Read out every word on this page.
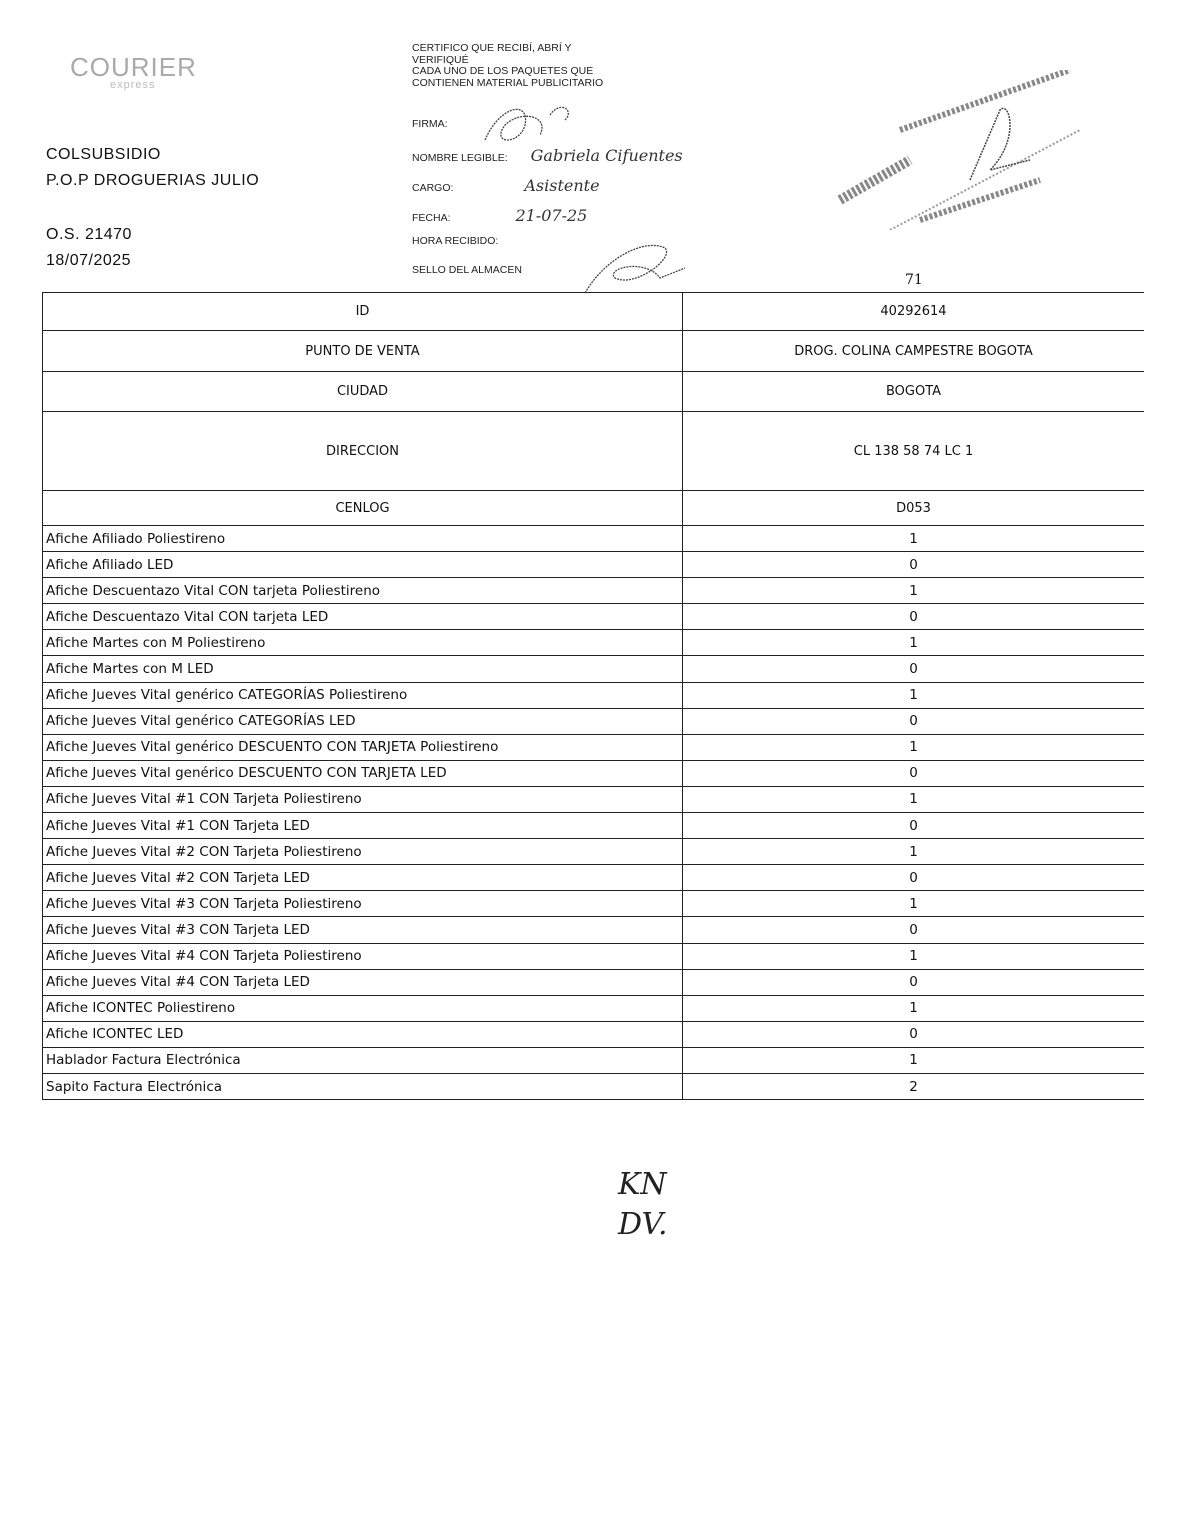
COURIER
express
COLSUBSIDIO
P.O.P DROGUERIAS JULIO
O.S. 21470
18/07/2025
CERTIFICO QUE RECIBÍ, ABRÍ Y
VERIFIQUÉ
CADA UNO DE LOS PAQUETES QUE
CONTIENEN MATERIAL PUBLICITARIO
FIRMA:
NOMBRE LEGIBLE: Gabriela Cifuentes
CARGO:	Asistente
FECHA:	21-07-25
HORA RECIBIDO:
SELLO DEL ALMACEN
71
ID	40292614
PUNTO DE VENTA	DROG. COLINA CAMPESTRE BOGOTA
CIUDAD	BOGOTA
DIRECCION	CL 138 58 74 LC 1
CENLOG	D053
Afiche Afiliado Poliestireno	1
Afiche Afiliado LED	0
Afiche Descuentazo Vital CON tarjeta Poliestireno	1
Afiche Descuentazo Vital CON tarjeta LED	0
Afiche Martes con M Poliestireno	1
Afiche Martes con M LED	0
Afiche Jueves Vital genérico CATEGORÍAS Poliestireno	1
Afiche Jueves Vital genérico CATEGORÍAS LED	0
Afiche Jueves Vital genérico DESCUENTO CON TARJETA Poliestireno	1
Afiche Jueves Vital genérico DESCUENTO CON TARJETA LED	0
Afiche Jueves Vital #1 CON Tarjeta Poliestireno	1
Afiche Jueves Vital #1 CON Tarjeta LED	0
Afiche Jueves Vital #2 CON Tarjeta Poliestireno	1
Afiche Jueves Vital #2 CON Tarjeta LED	0
Afiche Jueves Vital #3 CON Tarjeta Poliestireno	1
Afiche Jueves Vital #3 CON Tarjeta LED	0
Afiche Jueves Vital #4 CON Tarjeta Poliestireno	1
Afiche Jueves Vital #4 CON Tarjeta LED	0
Afiche ICONTEC Poliestireno	1
Afiche ICONTEC LED	0
Hablador Factura Electrónica	1
Sapito Factura Electrónica	2
KN
DV.
